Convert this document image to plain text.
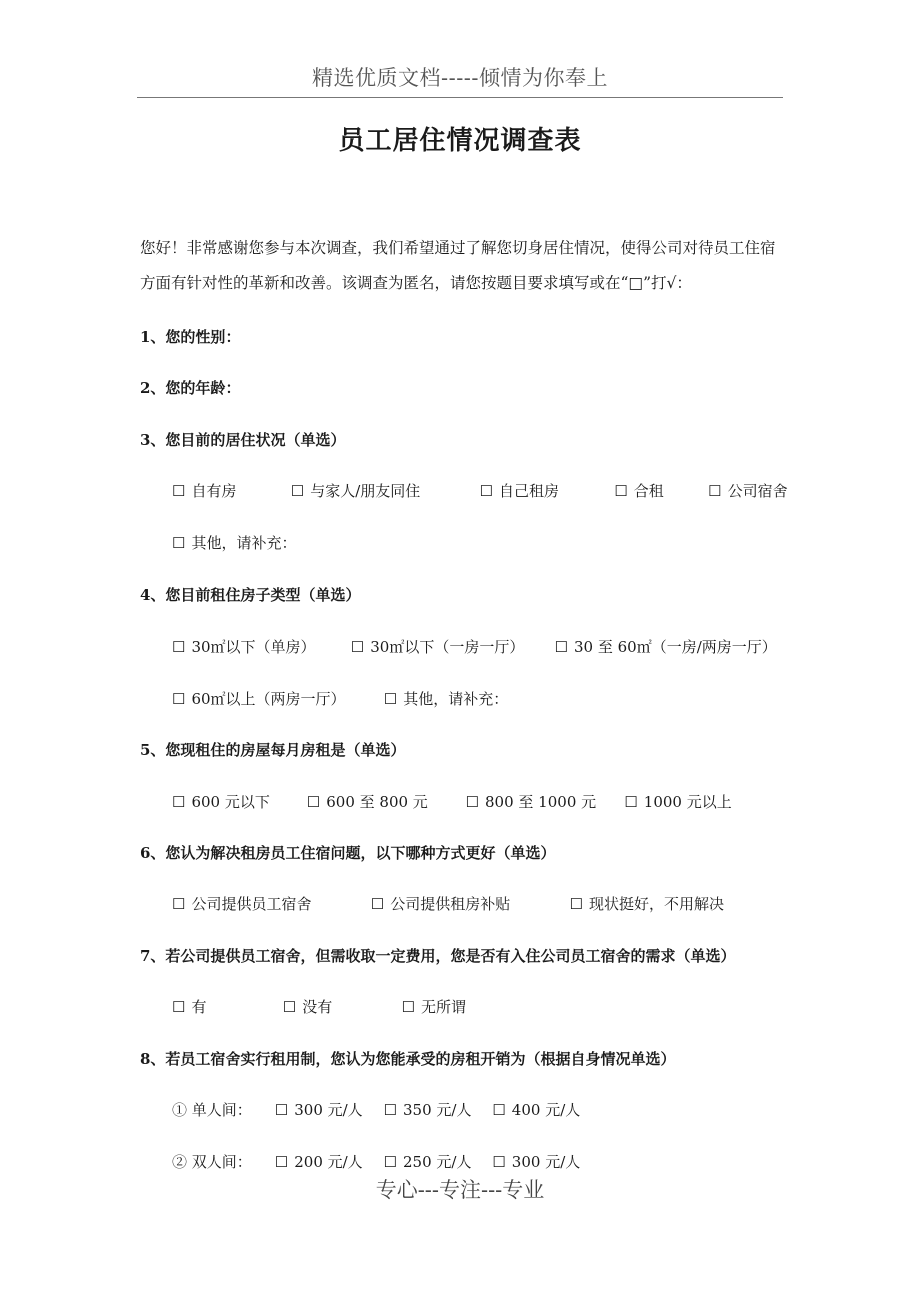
精选优质文档-----倾情为你奉上
员工居住情况调查表
您好！非常感谢您参与本次调查，我们希望通过了解您切身居住情况，使得公司对待员工住宿方面有针对性的革新和改善。该调查为匿名，请您按题目要求填写或在“□”打√：
1、您的性别：
2、您的年龄：
3、您目前的居住状况（单选）
☐ 自有房	☐ 与家人/朋友同住	☐ 自己租房	☐ 合租	☐ 公司宿舍
☐ 其他，请补充：
4、您目前租住房子类型（单选）
☐ 30㎡以下（单房） ☐ 30㎡以下（一房一厅） ☐ 30 至 60㎡（一房/两房一厅）
☐ 60㎡以上（两房一厅）	☐ 其他，请补充：
5、您现租住的房屋每月房租是（单选）
☐ 600 元以下 ☐ 600 至 800 元	☐ 800 至 1000 元 ☐ 1000 元以上
6、您认为解决租房员工住宿问题，以下哪种方式更好（单选）
☐ 公司提供员工宿舍	☐ 公司提供租房补贴	☐ 现状挺好，不用解决
7、若公司提供员工宿舍，但需收取一定费用，您是否有入住公司员工宿舍的需求（单选）
☐ 有	☐ 没有	☐ 无所谓
8、若员工宿舍实行租用制，您认为您能承受的房租开销为（根据自身情况单选）
① 单人间： ☐ 300 元/人 ☐ 350 元/人 ☐ 400 元/人
② 双人间： ☐ 200 元/人 ☐ 250 元/人 ☐ 300 元/人
专心---专注---专业
